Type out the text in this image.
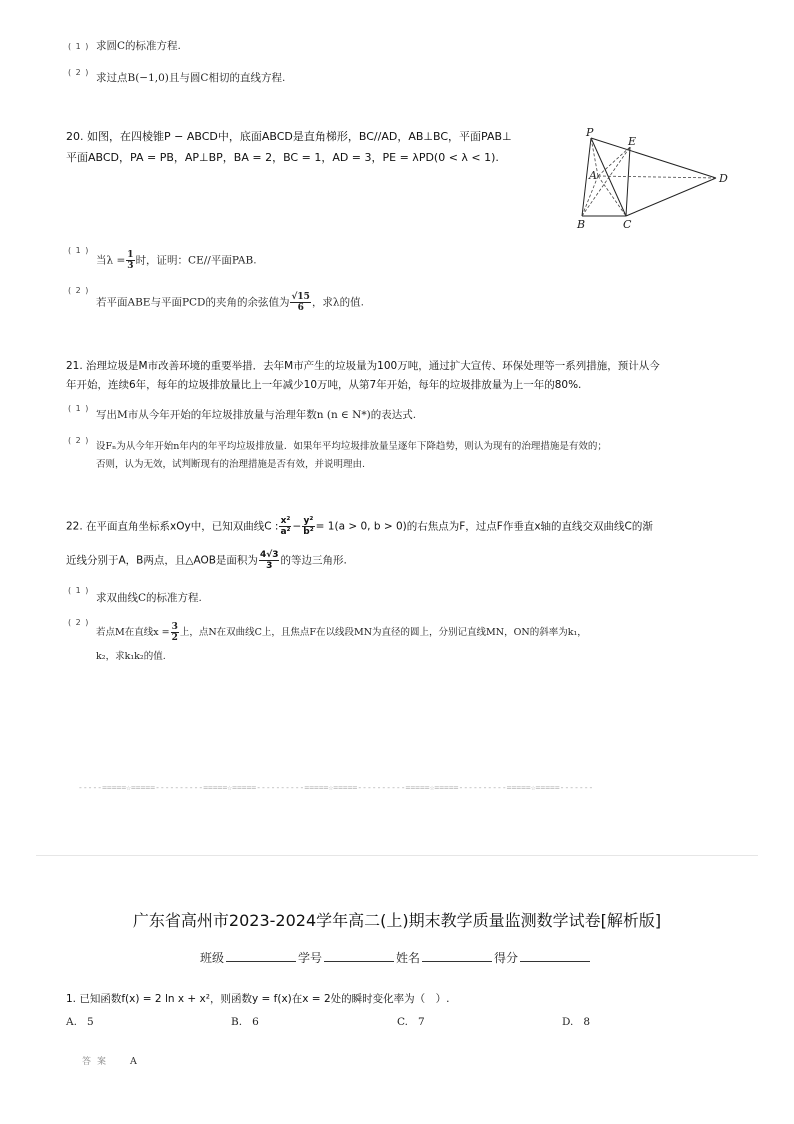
( 1 ) 求圆C的标准方程.
( 2 ) 求过点B(−1,0)且与圆C相切的直线方程.
20. 如图，在四棱锥P − ABCD中，底面ABCD是直角梯形，BC//AD，AB⊥BC，平面PAB⊥
平面ABCD，PA = PB，AP⊥BP，BA = 2，BC = 1，AD = 3，PE = λPD(0 < λ < 1).
P
E
A	D
B	C
( 1 )
当$\lambda = \frac{1}{3}$ 时，证明：CE//平面PAB.
( 2 )
若平面ABE与平面PCD的夹角的余弦值为 $\frac{√15}{6}$ ，求λ的值.
21. 治理垃圾是M市改善环境的重要举措．去年M市产生的垃圾量为100万吨，通过扩大宣传、环保处理等一系列措施，预计从今
年开始，连续6年，每年的垃圾排放量比上一年减少10万吨，从第7年开始，每年的垃圾排放量为上一年的80%.
( 1 )
写出M市从今年开始的年垃圾排放量与治理年数n (n ∈ N*)的表达式.
( 2 )
设Fₙ为从今年开始n年内的年平均垃圾排放量．如果年平均垃圾排放量呈逐年下降趋势，则认为现有的治理措施是有效的；
否则，认为无效，试判断现有的治理措施是否有效，并说明理由.
22. 在平面直角坐标系xOy中，已知双曲线C : $\frac{\text{x²}}{\text{a²}} - \frac{\text{y²}}{\text{b²}} = 1(a > 0$, b > 0)的右焦点为F，过点F作垂直x轴的直线交双曲线C的渐
近线分别于A，B两点，且△AOB是面积为 $\frac{4√3}{3}$ 的等边三角形.
( 1 )
求双曲线C的标准方程.
( 2 )
若点M在直线$x = \frac{3}{2}$ 上，点N在双曲线C上，且焦点F在以线段MN为直径的圆上，分别记直线MN，ON的斜率为k₁，
k₂，求k₁k₂的值.
-----=====☆=====----------=====☆=====----------=====☆=====----------=====☆=====----------=====☆=====-------
广东省高州市2023-2024学年高二(上)期末教学质量监测数学试卷[解析版]
班级	学号	姓名	得分
1. 已知函数f(x) = 2 ln x + x²，则函数y = f(x)在x = 2处的瞬时变化率为（　）.
A. 5	B. 6	C. 7	D. 8
答案 A
